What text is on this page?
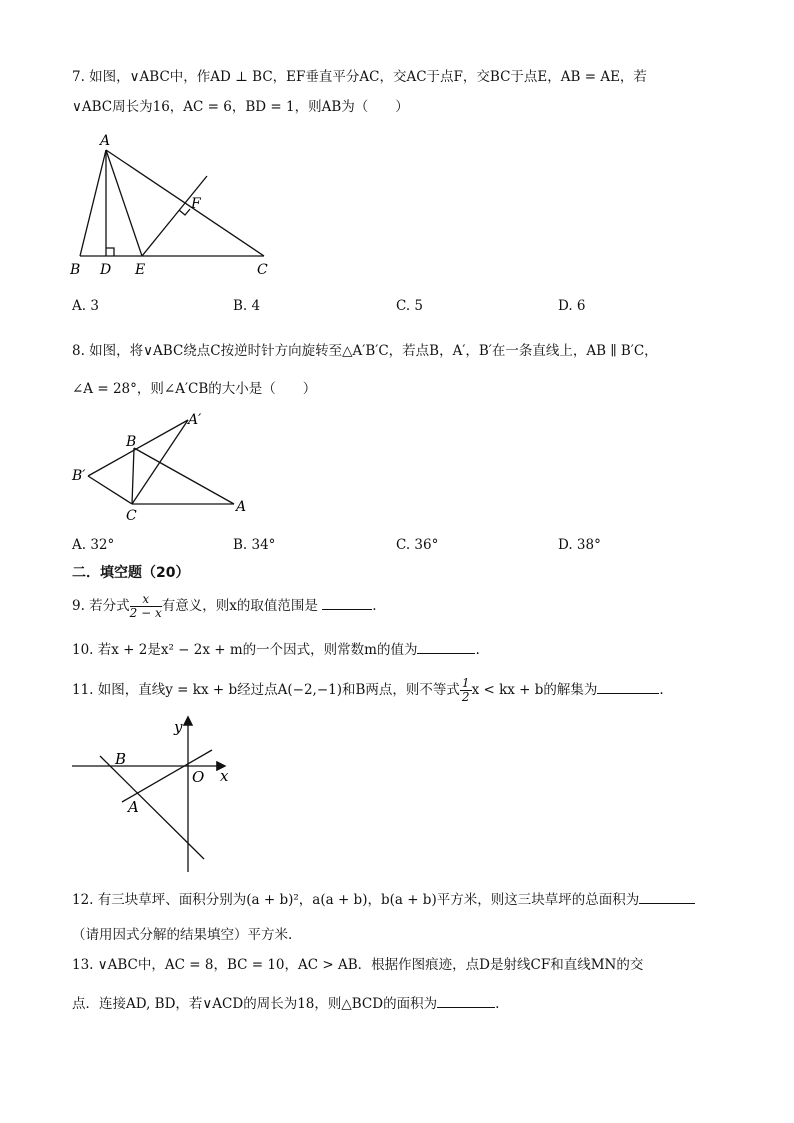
7. 如图，∨ABC中，作AD ⊥ BC，EF垂直平分AC，交AC于点F，交BC于点E，AB = AE，若
∨ABC周长为16，AC = 6，BD = 1，则AB为（　　）
A
B D E	C
F
A. 3	B. 4	C. 5	D. 6
8. 如图，将∨ABC绕点C按逆时针方向旋转至△A′B′C，若点B，A′，B′在一条直线上，AB ∥ B′C，
∠A = 28°，则∠A′CB的大小是（　　）
B
A′
B′
C
A
A. 32°	B. 34°	C. 36°	D. 38°
二．填空题（20）
9. 若分式 $\frac{x}{2 - x}$ 有意义，则x的取值范围是	.
10. 若x + 2是x² − 2x + m的一个因式，则常数m的值为	.
11. 如图，直线y = kx + b经过点A(−2,−1)和B两点，则不等式 $\frac{1}{2}$ x < kx + b的解集为	.
y
x
O
B
A
12. 有三块草坪、面积分别为(a + b)²，a(a + b)，b(a + b)平方米，则这三块草坪的总面积为
（请用因式分解的结果填空）平方米.
13. ∨ABC中，AC = 8，BC = 10，AC > AB．根据作图痕迹，点D是射线CF和直线MN的交
点．连接AD, BD，若∨ACD的周长为18，则△BCD的面积为	.
